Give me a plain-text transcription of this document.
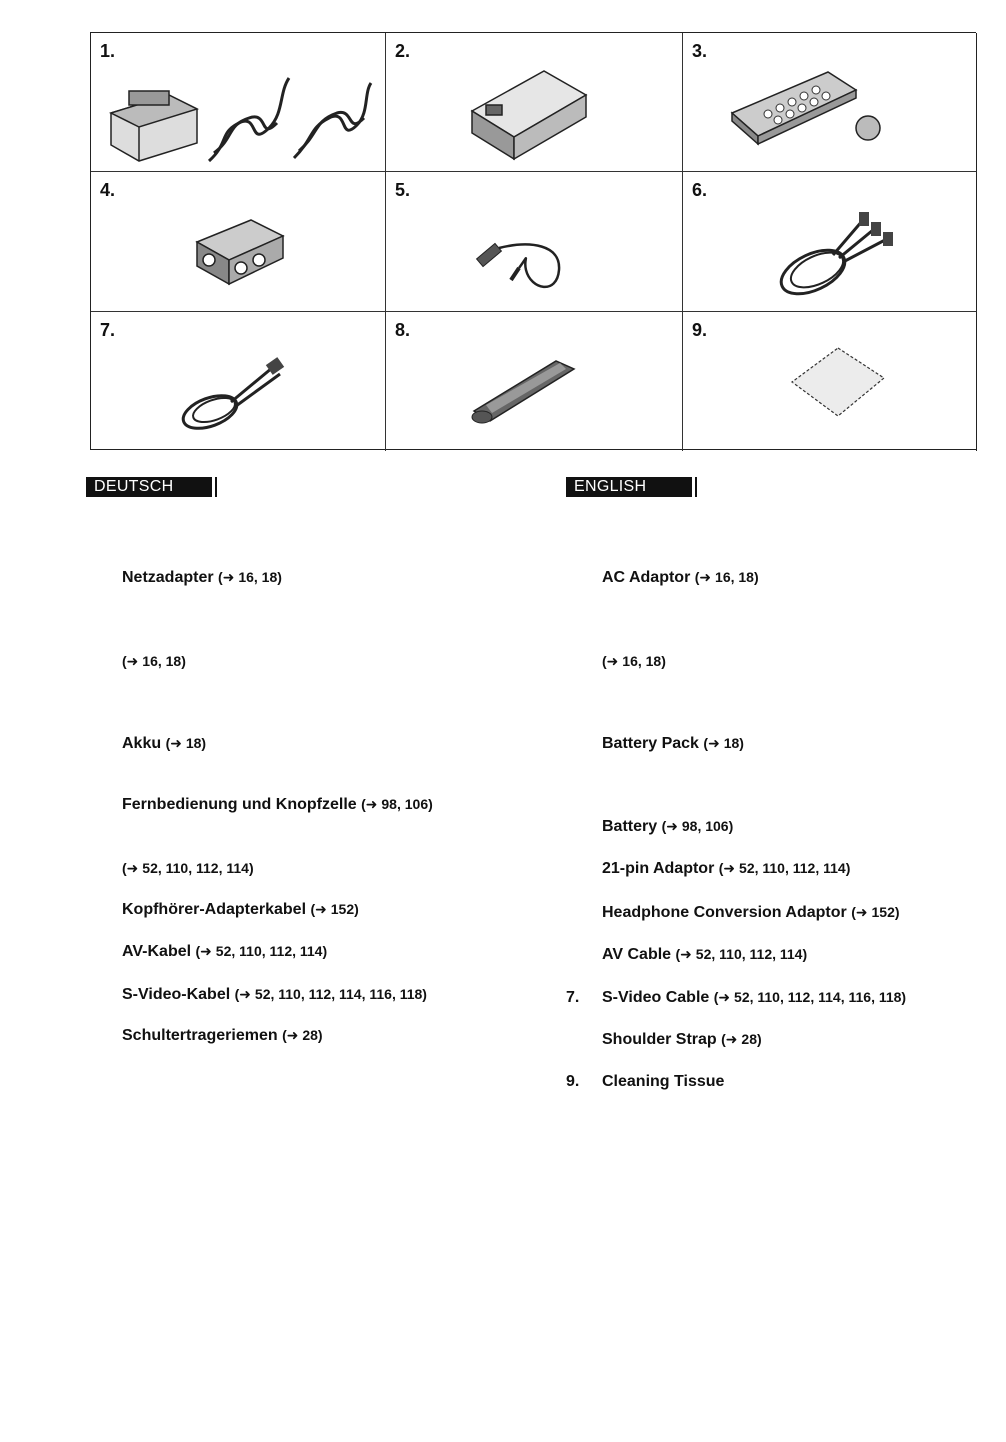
1.	2.	3.
4.	5.	6.
7.	8.	9.
DEUTSCH
Netzadapter (➜ 16, 18)
(➜ 16, 18)
Akku (➜ 18)
Fernbedienung und Knopfzelle (➜ 98, 106)
(➜ 52, 110, 112, 114)
Kopfhörer-Adapterkabel (➜ 152)
AV-Kabel (➜ 52, 110, 112, 114)
S-Video-Kabel (➜ 52, 110, 112, 114, 116, 118)
Schultertrageriemen (➜ 28)
ENGLISH
AC Adaptor (➜ 16, 18)
(➜ 16, 18)
Battery Pack (➜ 18)
Battery (➜ 98, 106)
21-pin Adaptor (➜ 52, 110, 112, 114)
Headphone Conversion Adaptor (➜ 152)
AV Cable (➜ 52, 110, 112, 114)
7. S-Video Cable (➜ 52, 110, 112, 114, 116, 118)
Shoulder Strap (➜ 28)
9. Cleaning Tissue
